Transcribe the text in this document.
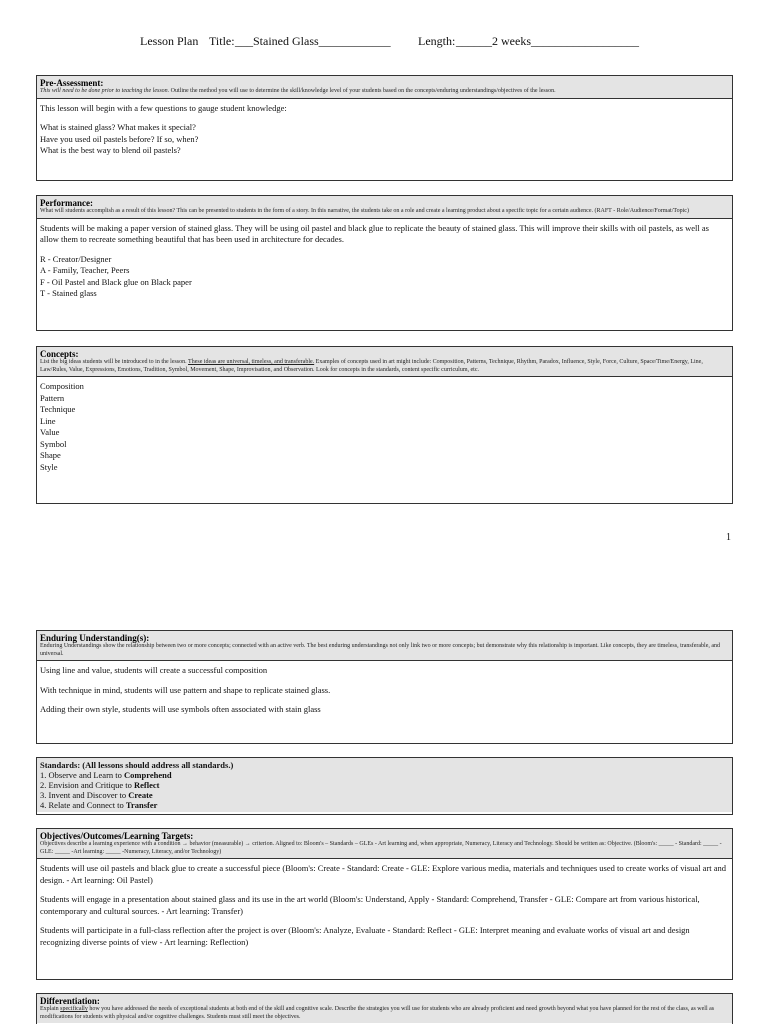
Lesson Plan Title: ___Stained Glass____________ Length: ______2 weeks__________________
Pre-Assessment:
This will need to be done prior to teaching the lesson. Outline the method you will use to determine the skill/knowledge level of your students based on the concepts/enduring understandings/objectives of the lesson.

This lesson will begin with a few questions to gauge student knowledge:

What is stained glass? What makes it special?
Have you used oil pastels before? If so, when?
What is the best way to blend oil pastels?
Performance:
What will students accomplish as a result of this lesson? This can be presented to students in the form of a story. In this narrative, the students take on a role and create a learning product about a specific topic for a certain audience. (RAFT - Role/Audience/Format/Topic)

Students will be making a paper version of stained glass. They will be using oil pastel and black glue to replicate the beauty of stained glass. This will improve their skills with oil pastels, as well as allow them to recreate something beautiful that has been used in architecture for decades.

R - Creator/Designer
A - Family, Teacher, Peers
F - Oil Pastel and Black glue on Black paper
T - Stained glass
Concepts:
List the big ideas students will be introduced to in the lesson. These ideas are universal, timeless, and transferable. Examples of concepts used in art might include: Composition, Patterns, Technique, Rhythm, Paradox, Influence, Style, Force, Culture, Space/Time/Energy, Line, Law/Rules, Value, Expressions, Emotions, Tradition, Symbol, Movement, Shape, Improvisation, and Observation. Look for concepts in the standards, content specific curriculum, etc.
Composition
Pattern
Technique
Line
Value
Symbol
Shape
Style
1
Enduring Understanding(s):
Enduring Understandings show the relationship between two or more concepts; connected with an active verb. The best enduring understandings not only link two or more concepts; but demonstrate why this relationship is important. Like concepts, they are timeless, transferable, and universal.

Using line and value, students will create a successful composition

With technique in mind, students will use pattern and shape to replicate stained glass.

Adding their own style, students will use symbols often associated with stain glass

Standards: (All lessons should address all standards.)
1. Observe and Learn to Comprehend
2. Envision and Critique to Reflect
3. Invent and Discover to Create
4. Relate and Connect to Transfer
Objectives/Outcomes/Learning Targets:
Objectives describe a learning experience with a condition → behavior (measurable) → criterion. Aligned to: Bloom's – Standards – GLEs - Art learning and, when appropriate, Numeracy, Literacy and Technology. Should be written as: Objective. (Bloom's: _____ - Standard: _____ - GLE: _____ -Art learning: _____ -Numeracy, Literacy, and/or Technology)

Students will use oil pastels and black glue to create a successful piece (Bloom's: Create - Standard: Create - GLE: Explore various media, materials and techniques used to create works of visual art and design. - Art learning: Oil Pastel)

Students will engage in a presentation about stained glass and its use in the art world (Bloom's: Understand, Apply - Standard: Comprehend, Transfer - GLE: Compare art from various historical, contemporary and cultural sources. - Art learning: Transfer)

Students will participate in a full-class reflection after the project is over (Bloom's: Analyze, Evaluate - Standard: Reflect - GLE: Interpret meaning and evaluate works of visual art and design recognizing diverse points of view - Art learning: Reflection)

Differentiation:
Explain specifically how you have addressed the needs of exceptional students at both end of the skill and cognitive scale. Describe the strategies you will use for students who are already proficient and need growth beyond what you have planned for the rest of the class, as well as modifications for students with physical and/or cognitive challenges. Students must still meet the objectives.
